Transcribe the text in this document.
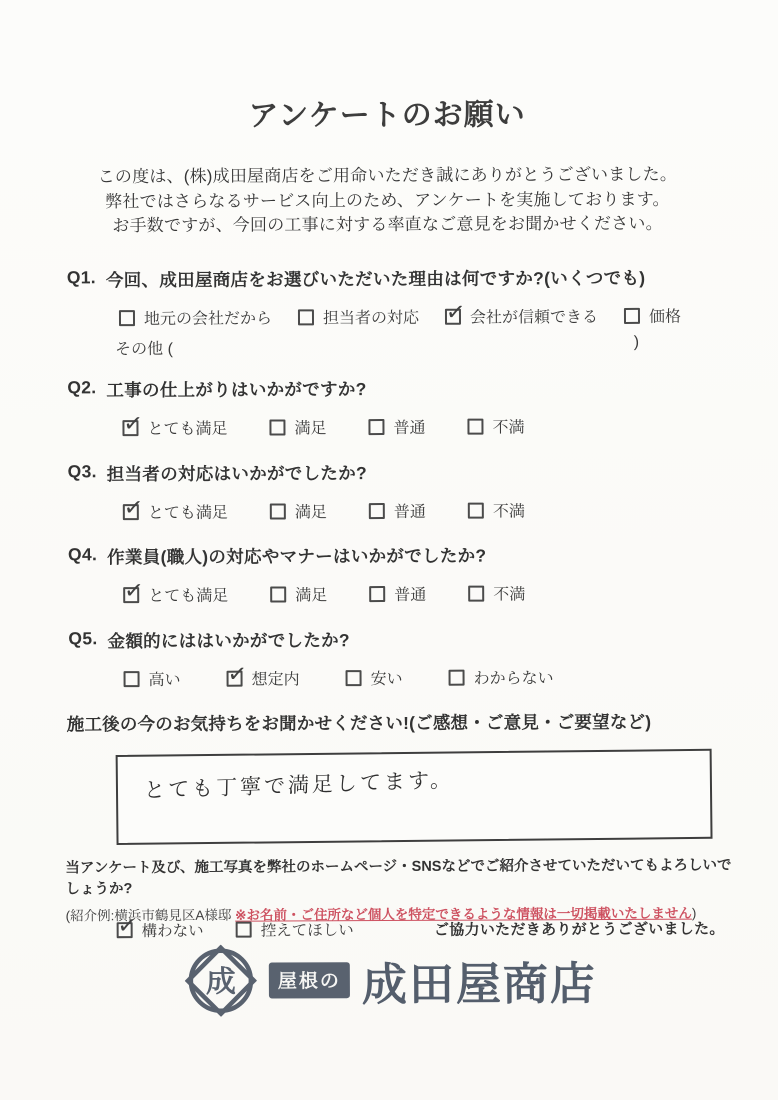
アンケートのお願い
この度は、(株)成田屋商店をご用命いただき誠にありがとうございました。
弊社ではさらなるサービス向上のため、アンケートを実施しております。
お手数ですが、今回の工事に対する率直なご意見をお聞かせください。
Q1. 今回、成田屋商店をお選びいただいた理由は何ですか?(いくつでも)
地元の会社だから	担当者の対応 ✓	会社が信頼できる	価格
その他 (	)
Q2. 工事の仕上がりはいかがですか?
✓
とても満足	満足	普通	不満
Q3. 担当者の対応はいかがでしたか?
✓
とても満足	満足	普通	不満
Q4. 作業員(職人)の対応やマナーはいかがでしたか?
✓
とても満足	満足	普通	不満
Q5. 金額的にははいかがでしたか?
高い ✓	想定内	安い	わからない
施工後の今のお気持ちをお聞かせください!(ご感想・ご意見・ご要望など)
とても丁寧で満足してます。
当アンケート及び、施工写真を弊社のホームページ・SNSなどでご紹介させていただいてもよろしいでしょうか?
(紹介例:横浜市鶴見区A様邸 ※お名前・ご住所など個人を特定できるような情報は一切掲載いたしません)
✓
構わない	控えてほしい	ご協力いただきありがとうございました。
成	屋根の 成田屋商店
